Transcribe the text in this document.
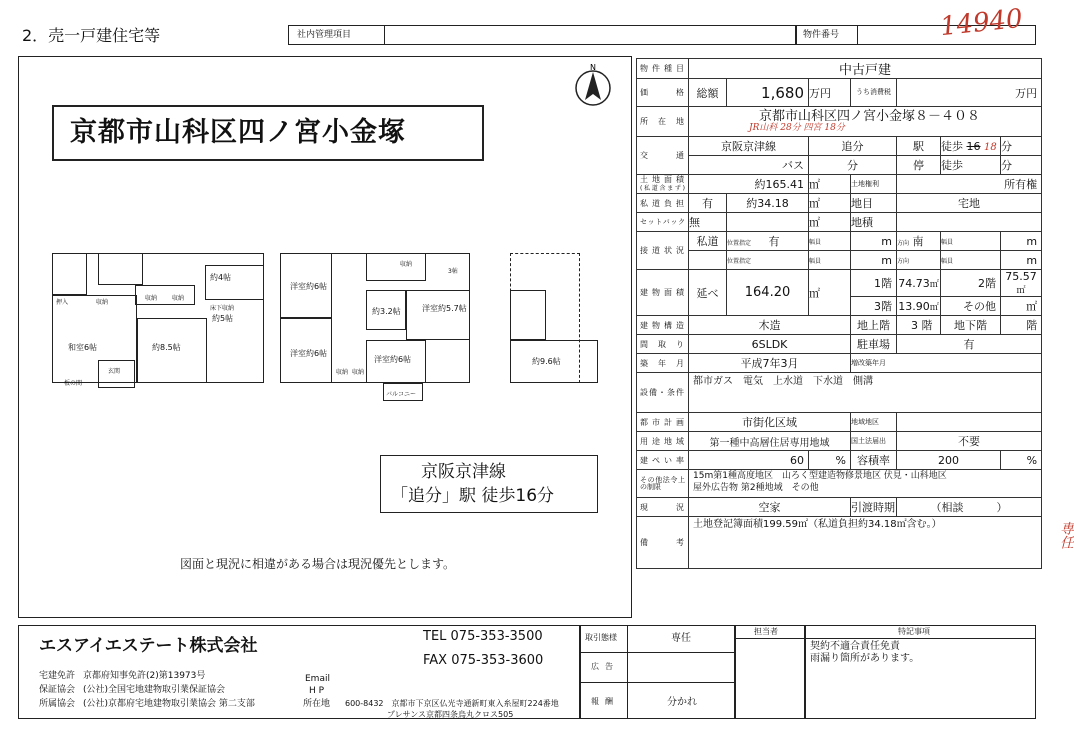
2．売一戸建住宅等	社内管理項目	物件番号	14940
京都市山科区四ノ宮小金塚
N
約4帖
和室6帖
押入	収納
収納 収納
床下収納
約5帖
約8.5帖
玄関
板の間
洋室約6帖
洋室約6帖
収納
3帖
約3.2帖	洋室約5.7帖
洋室約6帖
収納 収納
バルコニー
約9.6帖
京阪京津線
「追分」駅 徒歩16分
図面と現況に相違がある場合は現況優先とします。
物件種目	中古戸建						
価格	総額	1,680	万円	うち消費税	万円		
所在地	京都市山科区四ノ宮小金塚８－４０８
JR山科 28分 四宮 18分						

交通	京阪京津線		追分		駅	徒歩 16 18	分
	バス		分		停	徒歩	分
土地面積
(私道含まず)	約165.41		㎡	土地権利	所有権		
私道負担	有	約34.18	㎡	地目	宅地		
セットバック	無		㎡	地積			
接道状況	私道	位置指定 有	幅員	m	方向 南	幅員	m
		位置指定	幅員	m	方向	幅員	m
建物面積	延べ	164.20	㎡	1階	74.73㎡	2階	75.57㎡
				3階	13.90㎡	その他	㎡
建物構造	木造			地上階	3 階	地下階	階
間取り	6SLDK			駐車場	有		
築年月	平成7年3月			増改築年月			
設備・条件	都市ガス　電気　上水道　下水道　側溝						

都市計画	市街化区域			地域地区			
用途地域	第一種中高層住居専用地域			国土法届出	不要		
建ぺい率	60		%	容積率	200		%
その他法令上の制限	15m第1種高度地区　山ろく型建造物修景地区 伏見・山科地区
屋外広告物 第2種地域　その他						

現況	空家			引渡時期	（相談　　　）		
備考	土地登記簿面積199.59㎡（私道負担約34.18㎡含む。） 専任						
エスアイエステート株式会社	TEL 075-353-3500
FAX 075-353-3600
宅建免許 京都府知事免許(2)第13973号
保証協会 (公社)全国宅地建物取引業保証協会
所属協会 (公社)京都府宅地建物取引業協会 第二支部
Email
H P
所在地 600-8432　京都市下京区仏光寺通新町東入糸屋町224番地
プレサンス京都四条烏丸クロス505
取引態様	専任
広告
報酬	分かれ
担当者	特記事項
契約不適合責任免責
雨漏り箇所があります。
